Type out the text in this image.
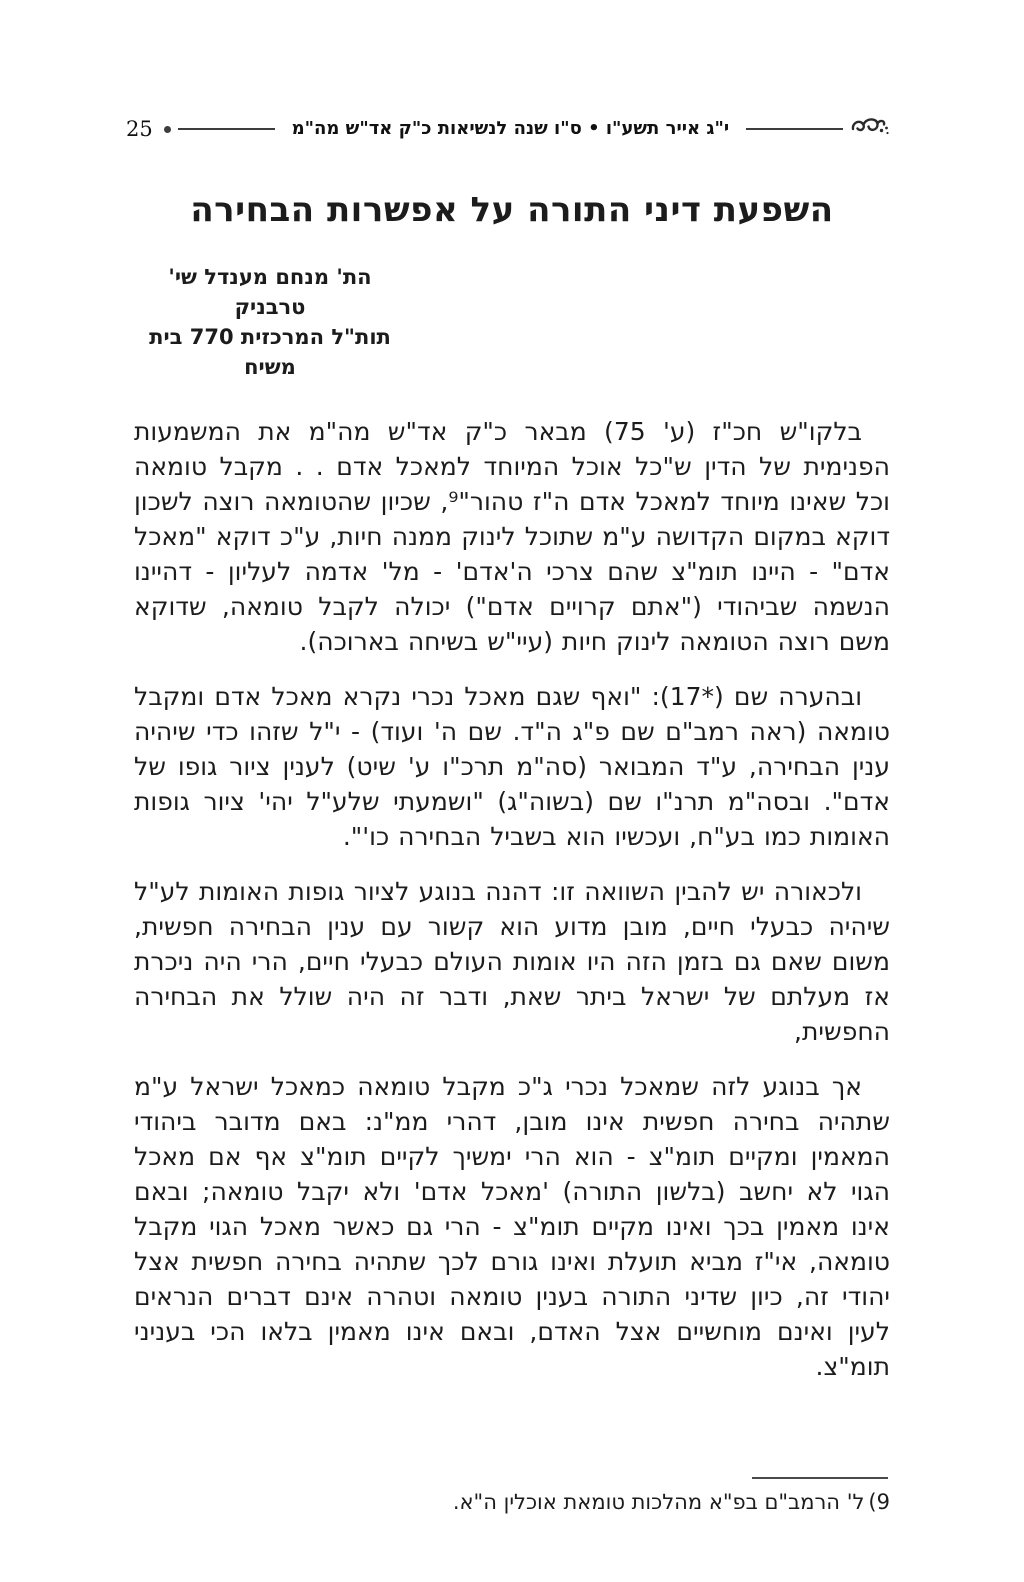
25	י"ג אייר תשע"ו • ס"ו שנה לנשיאות כ"ק אד"ש מה"מ
השפעת דיני התורה על אפשרות הבחירה
הת' מנחם מענדל שי' טרבניק
תות"ל המרכזית 770 בית משיח

בלקו"ש חכ"ז (ע' 75) מבאר כ"ק אד"ש מה"מ את המשמעות הפנימית של הדין ש"כל אוכל המיוחד למאכל אדם . . מקבל טומאה וכל שאינו מיוחד למאכל אדם ה"ז טהור"⁹, שכיון שהטומאה רוצה לשכון דוקא במקום הקדושה ע"מ שתוכל לינוק ממנה חיות, ע"כ דוקא "מאכל אדם" - היינו תומ"צ שהם צרכי ה'אדם' - מל' אדמה לעליון - דהיינו הנשמה שביהודי ("אתם קרויים אדם") יכולה לקבל טומאה, שדוקא משם רוצה הטומאה לינוק חיות (עיי"ש בשיחה בארוכה).

ובהערה שם (*17): "ואף שגם מאכל נכרי נקרא מאכל אדם ומקבל טומאה (ראה רמב"ם שם פ"ג ה"ד. שם ה' ועוד) - י"ל שזהו כדי שיהיה ענין הבחירה, ע"ד המבואר (סה"מ תרכ"ו ע' שיט) לענין ציור גופו של אדם". ובסה"מ תרנ"ו שם (בשוה"ג) "ושמעתי שלע"ל יהי' ציור גופות האומות כמו בע"ח, ועכשיו הוא בשביל הבחירה כו'".

ולכאורה יש להבין השוואה זו: דהנה בנוגע לציור גופות האומות לע"ל שיהיה כבעלי חיים, מובן מדוע הוא קשור עם ענין הבחירה חפשית, משום שאם גם בזמן הזה היו אומות העולם כבעלי חיים, הרי היה ניכרת אז מעלתם של ישראל ביתר שאת, ודבר זה היה שולל את הבחירה החפשית,

אך בנוגע לזה שמאכל נכרי ג"כ מקבל טומאה כמאכל ישראל ע"מ שתהיה בחירה חפשית אינו מובן, דהרי ממ"נ: באם מדובר ביהודי המאמין ומקיים תומ"צ - הוא הרי ימשיך לקיים תומ"צ אף אם מאכל הגוי לא יחשב (בלשון התורה) 'מאכל אדם' ולא יקבל טומאה; ובאם אינו מאמין בכך ואינו מקיים תומ"צ - הרי גם כאשר מאכל הגוי מקבל טומאה, אי"ז מביא תועלת ואינו גורם לכך שתהיה בחירה חפשית אצל יהודי זה, כיון שדיני התורה בענין טומאה וטהרה אינם דברים הנראים לעין ואינם מוחשיים אצל האדם, ובאם אינו מאמין בלאו הכי בעניני תומ"צ.

9)ל' הרמב"ם בפ"א מהלכות טומאת אוכלין ה"א.
